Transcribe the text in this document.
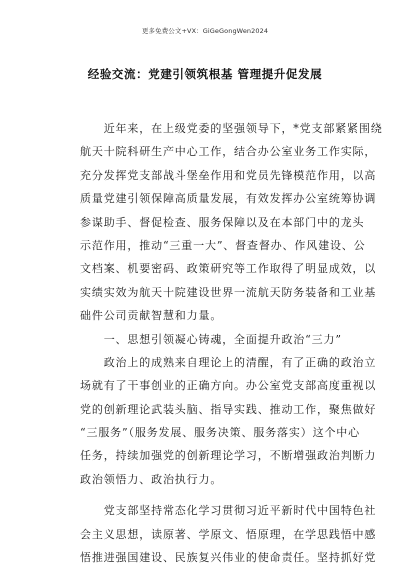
更多免费公文+VX：GiGeGongWen2024
经验交流：党建引领筑根基 管理提升促发展
　　近年来，在上级党委的坚强领导下，*党支部紧紧围绕
航天十院科研生产中心工作，结合办公室业务工作实际，
充分发挥党支部战斗堡垒作用和党员先锋模范作用，以高
质量党建引领保障高质量发展，有效发挥办公室统筹协调
参谋助手、督促检查、服务保障以及在本部门中的龙头
示范作用，推动“三重一大”、督查督办、作风建设、公
文档案、机要密码、政策研究等工作取得了明显成效，以
实绩实效为航天十院建设世界一流航天防务装备和工业基
础件公司贡献智慧和力量。
　　一、思想引领凝心铸魂，全面提升政治“三力”
　　政治上的成熟来自理论上的清醒，有了正确的政治立
场就有了干事创业的正确方向。办公室党支部高度重视以
党的创新理论武装头脑、指导实践、推动工作，聚焦做好
“三服务”（服务发展、服务决策、服务落实）这个中心
任务，持续加强党的创新理论学习，不断增强政治判断力
政治领悟力、政治执行力。
　　党支部坚持常态化学习贯彻习近平新时代中国特色社
会主义思想，读原著、学原文、悟原理，在学思践悟中感
悟推进强国建设、民族复兴伟业的使命责任。坚持抓好党
